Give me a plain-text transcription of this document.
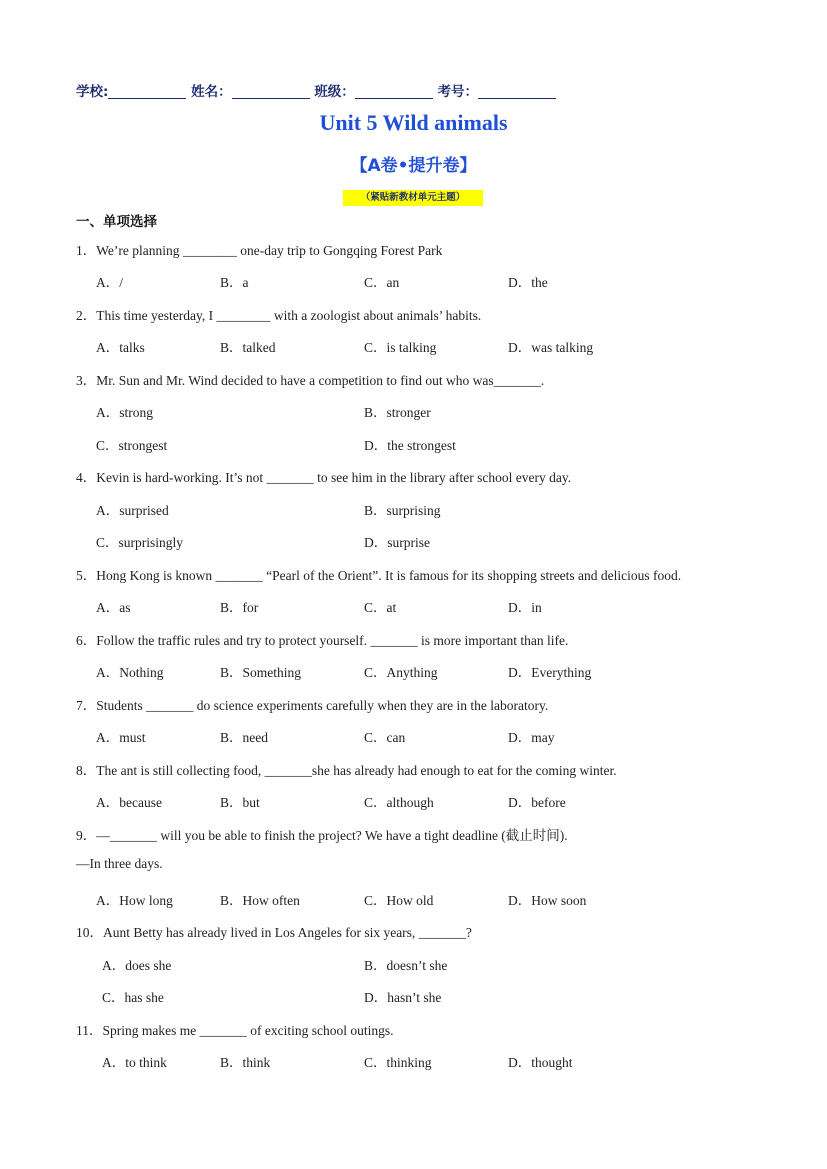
学校:	姓名：	班级：	考号：
Unit 5 Wild animals
【A卷•提升卷】
（紧贴新教材单元主题）
一、单项选择
1．We’re planning ________ one-day trip to Gongqing Forest Park
A．/	B．a	C．an	D．the
2．This time yesterday, I ________ with a zoologist about animals’ habits.
A．talks	B．talked	C．is talking	D．was talking
3．Mr. Sun and Mr. Wind decided to have a competition to find out who was_______.
A．strong	B．stronger
C．strongest	D．the strongest
4．Kevin is hard-working. It’s not _______ to see him in the library after school every day.
A．surprised	B．surprising
C．surprisingly	D．surprise
5．Hong Kong is known _______ “Pearl of the Orient”. It is famous for its shopping streets and delicious food.
A．as	B．for	C．at	D．in
6．Follow the traffic rules and try to protect yourself. _______ is more important than life.
A．Nothing	B．Something	C．Anything	D．Everything
7．Students _______ do science experiments carefully when they are in the laboratory.
A．must	B．need	C．can	D．may
8．The ant is still collecting food, _______she has already had enough to eat for the coming winter.
A．because	B．but	C．although	D．before
9．—_______ will you be able to finish the project? We have a tight deadline (截止时间).
—In three days.
A．How long	B．How often	C．How old	D．How soon
10．Aunt Betty has already lived in Los Angeles for six years, _______?
A．does she	B．doesn’t she
C．has she	D．hasn’t she
11．Spring makes me _______ of exciting school outings.
A．to think	B．think	C．thinking	D．thought
